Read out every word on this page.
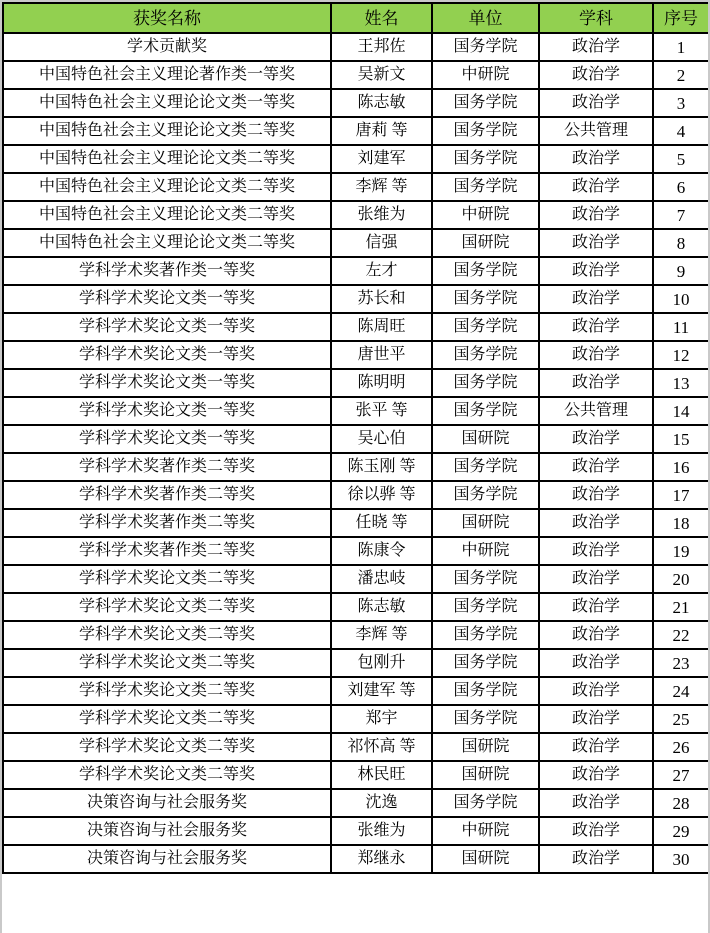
获奖名称	姓名	单位	学科	序号
学术贡献奖	王邦佐	国务学院	政治学	1
中国特色社会主义理论著作类一等奖	吴新文	中研院	政治学	2
中国特色社会主义理论论文类一等奖	陈志敏	国务学院	政治学	3
中国特色社会主义理论论文类二等奖	唐莉 等	国务学院	公共管理	4
中国特色社会主义理论论文类二等奖	刘建军	国务学院	政治学	5
中国特色社会主义理论论文类二等奖	李辉 等	国务学院	政治学	6
中国特色社会主义理论论文类二等奖	张维为	中研院	政治学	7
中国特色社会主义理论论文类二等奖	信强	国研院	政治学	8
学科学术奖著作类一等奖	左才	国务学院	政治学	9
学科学术奖论文类一等奖	苏长和	国务学院	政治学	10
学科学术奖论文类一等奖	陈周旺	国务学院	政治学	11
学科学术奖论文类一等奖	唐世平	国务学院	政治学	12
学科学术奖论文类一等奖	陈明明	国务学院	政治学	13
学科学术奖论文类一等奖	张平 等	国务学院	公共管理	14
学科学术奖论文类一等奖	吴心伯	国研院	政治学	15
学科学术奖著作类二等奖	陈玉刚 等	国务学院	政治学	16
学科学术奖著作类二等奖	徐以骅 等	国务学院	政治学	17
学科学术奖著作类二等奖	任晓 等	国研院	政治学	18
学科学术奖著作类二等奖	陈康令	中研院	政治学	19
学科学术奖论文类二等奖	潘忠岐	国务学院	政治学	20
学科学术奖论文类二等奖	陈志敏	国务学院	政治学	21
学科学术奖论文类二等奖	李辉 等	国务学院	政治学	22
学科学术奖论文类二等奖	包刚升	国务学院	政治学	23
学科学术奖论文类二等奖	刘建军 等	国务学院	政治学	24
学科学术奖论文类二等奖	郑宇	国务学院	政治学	25
学科学术奖论文类二等奖	祁怀高 等	国研院	政治学	26
学科学术奖论文类二等奖	林民旺	国研院	政治学	27
决策咨询与社会服务奖	沈逸	国务学院	政治学	28
决策咨询与社会服务奖	张维为	中研院	政治学	29
决策咨询与社会服务奖	郑继永	国研院	政治学	30
